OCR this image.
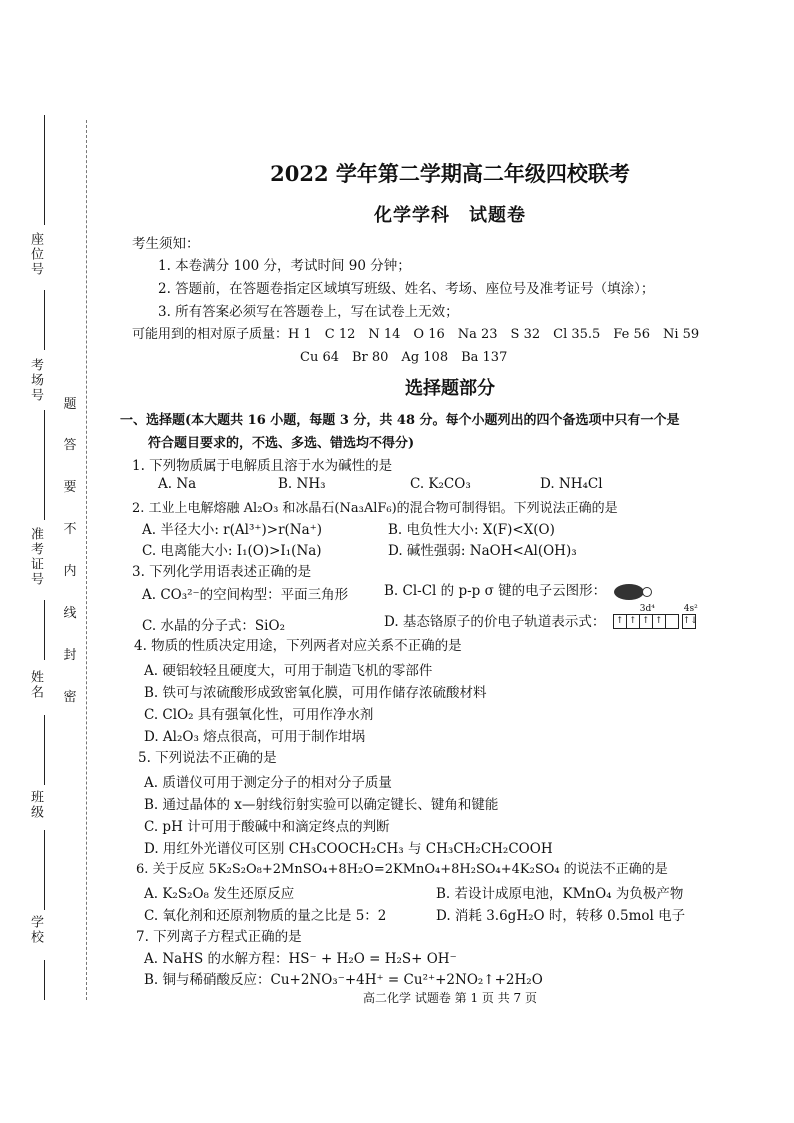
座位号
考场号
准考证号
姓名
班级
学校
题
答
要
不
内
线
封
密
2022 学年第二学期高二年级四校联考
化学学科　试题卷
考生须知：
1. 本卷满分 100 分，考试时间 90 分钟；
2. 答题前，在答题卷指定区域填写班级、姓名、考场、座位号及准考证号（填涂）；
3. 所有答案必须写在答题卷上，写在试卷上无效；
可能用到的相对原子质量：H 1　C 12　N 14　O 16　Na 23　S 32　Cl 35.5　Fe 56　Ni 59
Cu 64　Br 80　Ag 108　Ba 137
选择题部分
一、选择题(本大题共 16 小题，每题 3 分，共 48 分。每个小题列出的四个备选项中只有一个是
符合题目要求的，不选、多选、错选均不得分)
1. 下列物质属于电解质且溶于水为碱性的是
A. Na	B. NH₃	C. K₂CO₃	D. NH₄Cl
2. 工业上电解熔融 Al₂O₃ 和冰晶石(Na₃AlF₆)的混合物可制得铝。下列说法正确的是
A. 半径大小: r(Al³⁺)>r(Na⁺)	B. 电负性大小: X(F)<X(O)
C. 电离能大小: I₁(O)>I₁(Na)	D. 碱性强弱: NaOH<Al(OH)₃
3. 下列化学用语表述正确的是
A. CO₃²⁻的空间构型：平面三角形	B. Cl-Cl 的 p-p σ 键的电子云图形：
C. 水晶的分子式：SiO₂	D. 基态铬原子的价电子轨道表示式：
3d⁴	4s²
↑ ↑ ↑ ↑	↑↓
4. 物质的性质决定用途，下列两者对应关系不正确的是
A. 硬铝较轻且硬度大，可用于制造飞机的零部件
B. 铁可与浓硫酸形成致密氧化膜，可用作储存浓硫酸材料
C. ClO₂ 具有强氧化性，可用作净水剂
D. Al₂O₃ 熔点很高，可用于制作坩埚
5. 下列说法不正确的是
A. 质谱仪可用于测定分子的相对分子质量
B. 通过晶体的 x—射线衍射实验可以确定键长、键角和键能
C. pH 计可用于酸碱中和滴定终点的判断
D. 用红外光谱仪可区别 CH₃COOCH₂CH₃ 与 CH₃CH₂CH₂COOH
6. 关于反应 5K₂S₂O₈+2MnSO₄+8H₂O=2KMnO₄+8H₂SO₄+4K₂SO₄ 的说法不正确的是
A. K₂S₂O₈ 发生还原反应	B. 若设计成原电池，KMnO₄ 为负极产物
C. 氧化剂和还原剂物质的量之比是 5：2	D. 消耗 3.6gH₂O 时，转移 0.5mol 电子
7. 下列离子方程式正确的是
A. NaHS 的水解方程：HS⁻ + H₂O = H₂S+ OH⁻
B. 铜与稀硝酸反应：Cu+2NO₃⁻+4H⁺ = Cu²⁺+2NO₂↑+2H₂O
高二化学 试题卷 第 1 页 共 7 页
